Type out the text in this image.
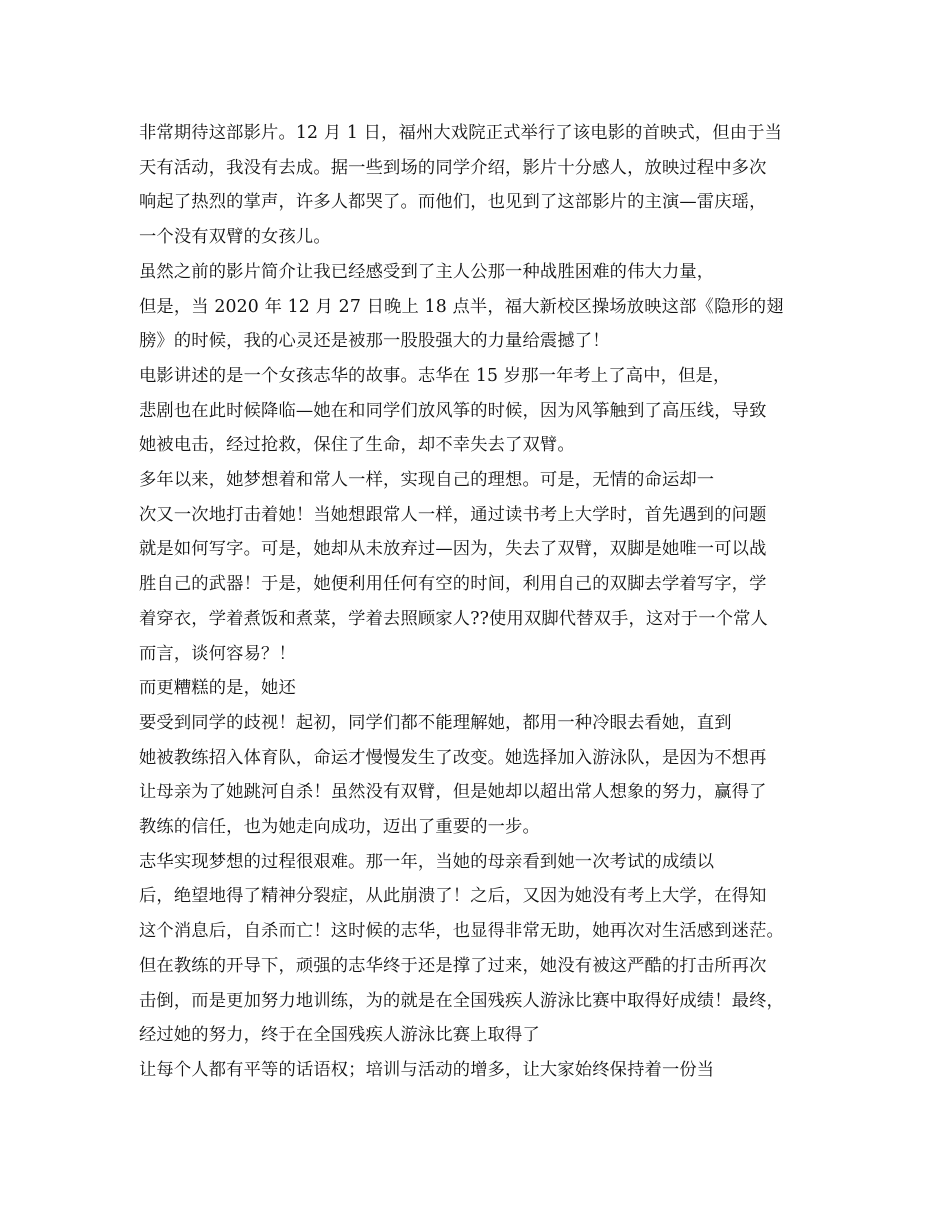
非常期待这部影片。12 月 1 日，福州大戏院正式举行了该电影的首映式，但由于当
天有活动，我没有去成。据一些到场的同学介绍，影片十分感人，放映过程中多次
响起了热烈的掌声，许多人都哭了。而他们，也见到了这部影片的主演—雷庆瑶，
一个没有双臂的女孩儿。

虽然之前的影片简介让我已经感受到了主人公那一种战胜困难的伟大力量，
但是，当 2020 年 12 月 27 日晚上 18 点半，福大新校区操场放映这部《隐形的翅
膀》的时候，我的心灵还是被那一股股强大的力量给震撼了！

电影讲述的是一个女孩志华的故事。志华在 15 岁那一年考上了高中，但是，
悲剧也在此时候降临—她在和同学们放风筝的时候，因为风筝触到了高压线，导致
她被电击，经过抢救，保住了生命，却不幸失去了双臂。

多年以来，她梦想着和常人一样，实现自己的理想。可是，无情的命运却一
次又一次地打击着她！当她想跟常人一样，通过读书考上大学时，首先遇到的问题
就是如何写字。可是，她却从未放弃过—因为，失去了双臂，双脚是她唯一可以战
胜自己的武器！于是，她便利用任何有空的时间，利用自己的双脚去学着写字，学
着穿衣，学着煮饭和煮菜，学着去照顾家人??使用双脚代替双手，这对于一个常人
而言，谈何容易？！

而更糟糕的是，她还

要受到同学的歧视！起初，同学们都不能理解她，都用一种冷眼去看她，直到
她被教练招入体育队，命运才慢慢发生了改变。她选择加入游泳队，是因为不想再
让母亲为了她跳河自杀！虽然没有双臂，但是她却以超出常人想象的努力，赢得了
教练的信任，也为她走向成功，迈出了重要的一步。

志华实现梦想的过程很艰难。那一年，当她的母亲看到她一次考试的成绩以
后，绝望地得了精神分裂症，从此崩溃了！之后，又因为她没有考上大学，在得知
这个消息后，自杀而亡！这时候的志华，也显得非常无助，她再次对生活感到迷茫。
但在教练的开导下，顽强的志华终于还是撑了过来，她没有被这严酷的打击所再次
击倒，而是更加努力地训练，为的就是在全国残疾人游泳比赛中取得好成绩！最终，
经过她的努力，终于在全国残疾人游泳比赛上取得了

让每个人都有平等的话语权；培训与活动的增多，让大家始终保持着一份当
